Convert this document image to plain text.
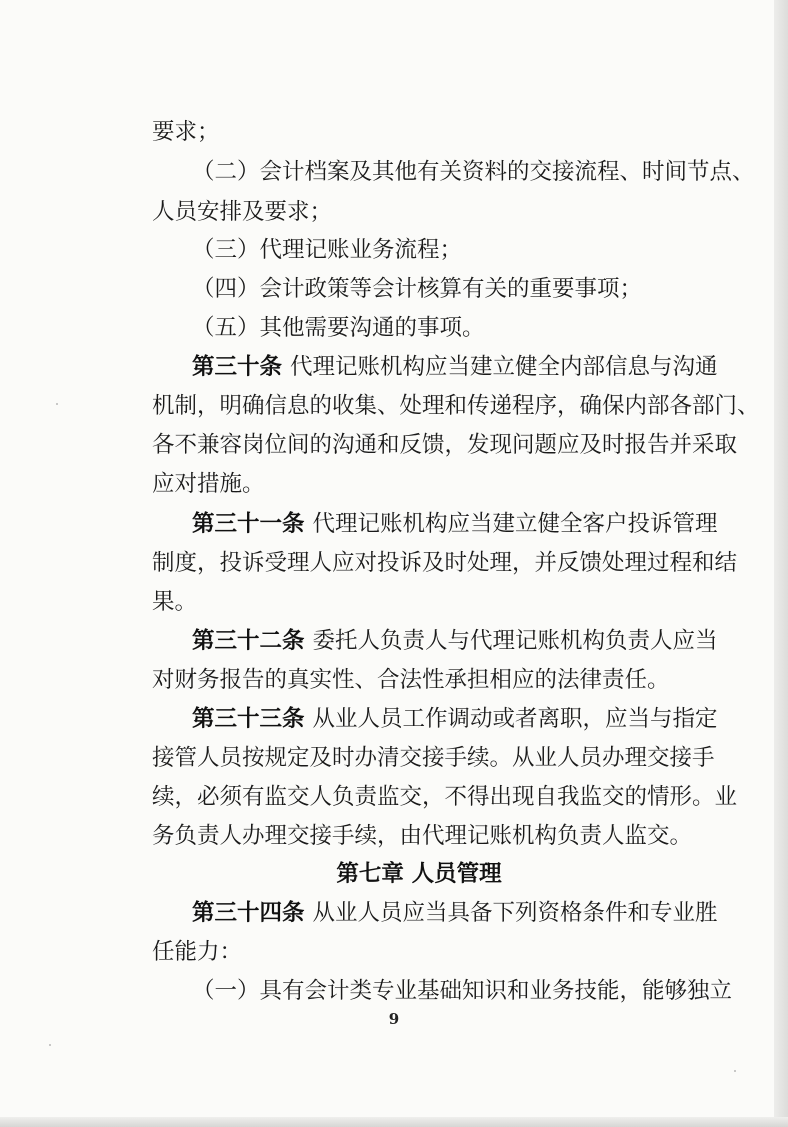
要求；
（二）会计档案及其他有关资料的交接流程、时间节点、
人员安排及要求；
（三）代理记账业务流程；
（四）会计政策等会计核算有关的重要事项；
（五）其他需要沟通的事项。
第三十条 代理记账机构应当建立健全内部信息与沟通
机制，明确信息的收集、处理和传递程序，确保内部各部门、
各不兼容岗位间的沟通和反馈，发现问题应及时报告并采取
应对措施。
第三十一条 代理记账机构应当建立健全客户投诉管理
制度，投诉受理人应对投诉及时处理，并反馈处理过程和结
果。
第三十二条 委托人负责人与代理记账机构负责人应当
对财务报告的真实性、合法性承担相应的法律责任。
第三十三条 从业人员工作调动或者离职，应当与指定
接管人员按规定及时办清交接手续。从业人员办理交接手
续，必须有监交人负责监交，不得出现自我监交的情形。业
务负责人办理交接手续，由代理记账机构负责人监交。
第七章 人员管理
第三十四条 从业人员应当具备下列资格条件和专业胜
任能力：
（一）具有会计类专业基础知识和业务技能，能够独立
9
